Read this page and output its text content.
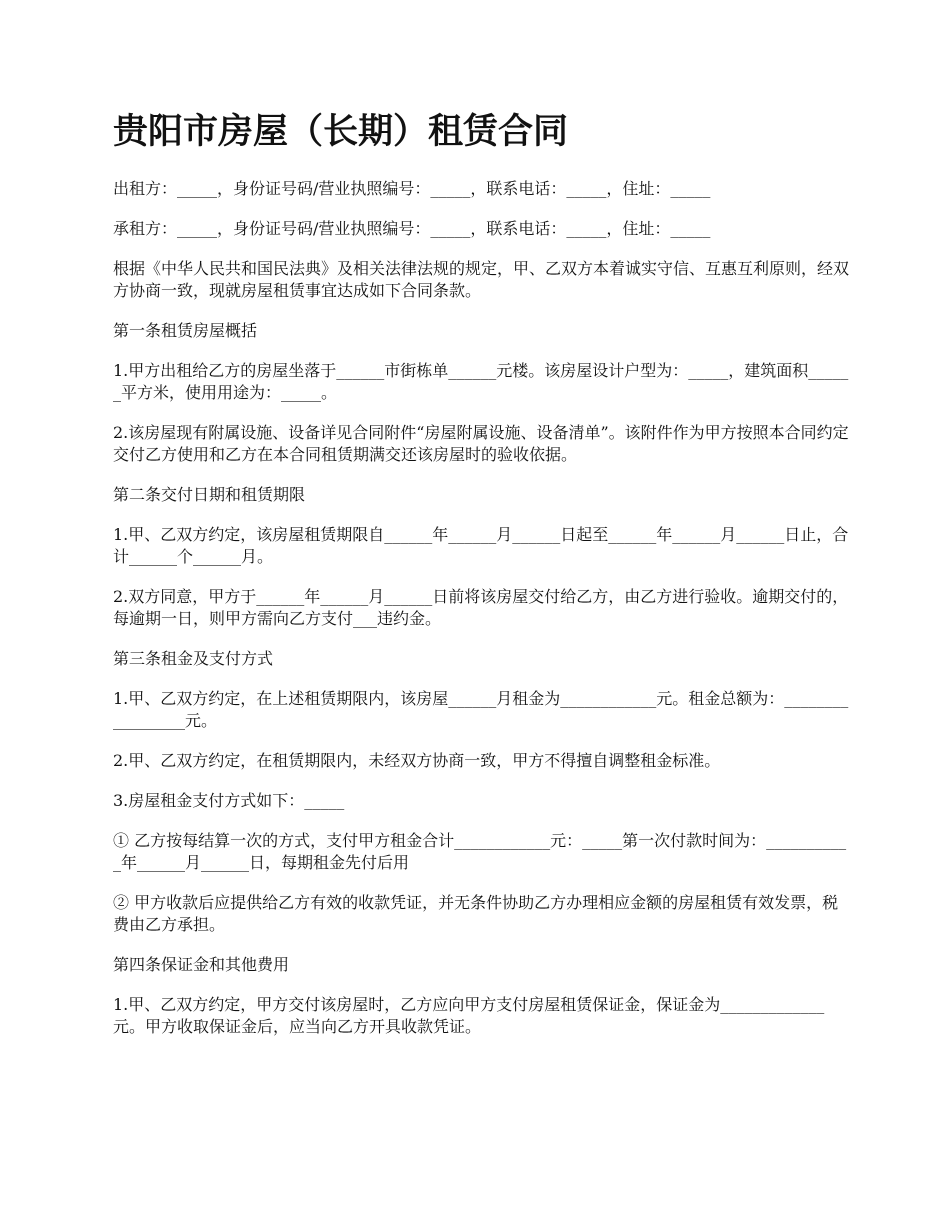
贵阳市房屋（长期）租赁合同

出租方：_____，身份证号码/营业执照编号：_____，联系电话：_____，住址：_____

承租方：_____，身份证号码/营业执照编号：_____，联系电话：_____，住址：_____

根据《中华人民共和国民法典》及相关法律法规的规定，甲、乙双方本着诚实守信、互惠互利原则，经双方协商一致，现就房屋租赁事宜达成如下合同条款。

第一条租赁房屋概括

1.甲方出租给乙方的房屋坐落于______市街栋单______元楼。该房屋设计户型为：_____，建筑面积______平方米，使用用途为：_____。

2.该房屋现有附属设施、设备详见合同附件“房屋附属设施、设备清单”。该附件作为甲方按照本合同约定交付乙方使用和乙方在本合同租赁期满交还该房屋时的验收依据。

第二条交付日期和租赁期限

1.甲、乙双方约定，该房屋租赁期限自______年______月______日起至______年______月______日止，合计______个______月。

2.双方同意，甲方于______年______月______日前将该房屋交付给乙方，由乙方进行验收。逾期交付的，每逾期一日，则甲方需向乙方支付___违约金。

第三条租金及支付方式

1.甲、乙双方约定，在上述租赁期限内，该房屋______月租金为____________元。租金总额为：_________________元。

2.甲、乙双方约定，在租赁期限内，未经双方协商一致，甲方不得擅自调整租金标准。

3.房屋租金支付方式如下：_____

① 乙方按每结算一次的方式，支付甲方租金合计____________元：_____第一次付款时间为：___________年______月______日，每期租金先付后用

② 甲方收款后应提供给乙方有效的收款凭证，并无条件协助乙方办理相应金额的房屋租赁有效发票，税费由乙方承担。

第四条保证金和其他费用

1.甲、乙双方约定，甲方交付该房屋时，乙方应向甲方支付房屋租赁保证金，保证金为_____________元。甲方收取保证金后，应当向乙方开具收款凭证。
